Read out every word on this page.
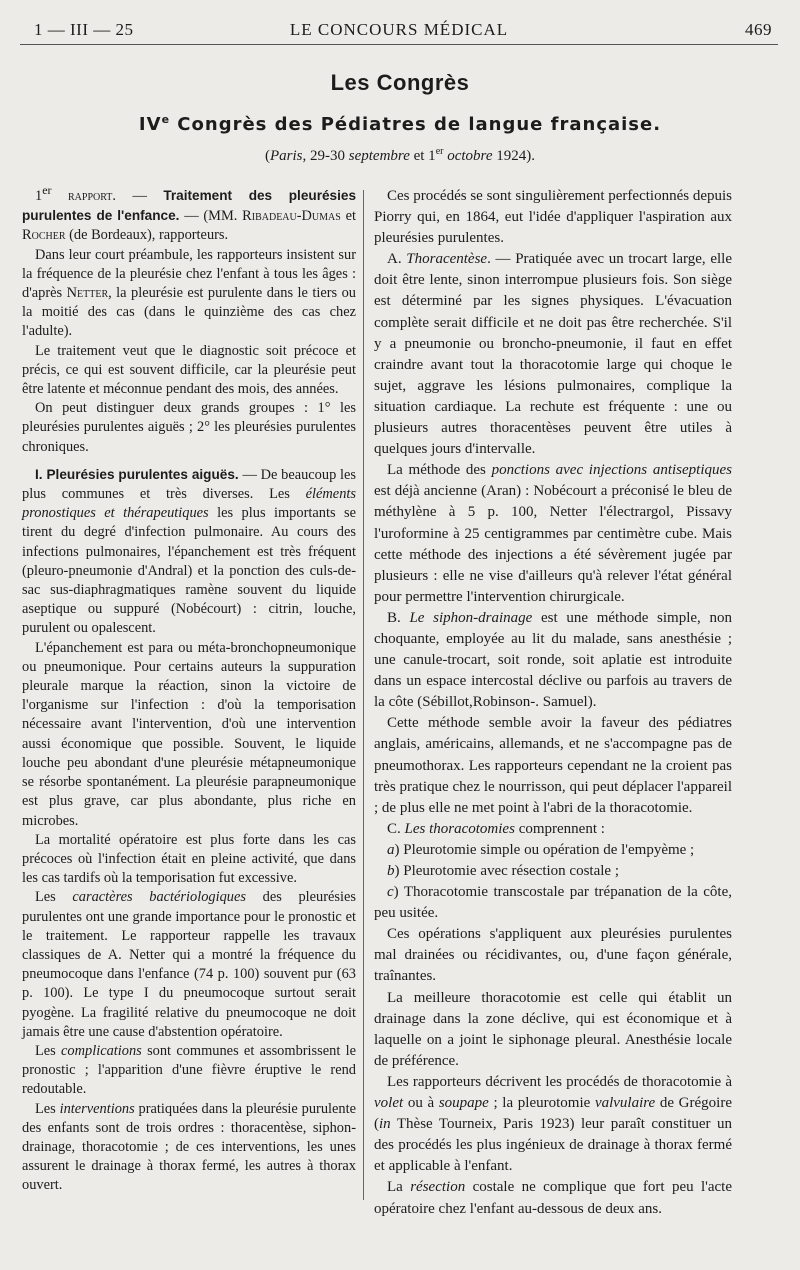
1 — III — 25	LE CONCOURS MÉDICAL	469
Les Congrès
IVe Congrès des Pédiatres de langue française.
(Paris, 29-30 septembre et 1er octobre 1924).

1er rapport. — Traitement des pleurésies purulentes de l'enfance. — (MM. Ribadeau-Dumas et Rocher (de Bordeaux), rapporteurs.

Dans leur court préambule, les rapporteurs insistent sur la fréquence de la pleurésie chez l'enfant à tous les âges : d'après Netter, la pleurésie est purulente dans le tiers ou la moitié des cas (dans le quinzième des cas chez l'adulte).

Le traitement veut que le diagnostic soit précoce et précis, ce qui est souvent difficile, car la pleurésie peut être latente et méconnue pendant des mois, des années.

On peut distinguer deux grands groupes : 1° les pleurésies purulentes aiguës ; 2° les pleurésies purulentes chroniques.

I. Pleurésies purulentes aiguës. — De beaucoup les plus communes et très diverses. Les éléments pronostiques et thérapeutiques les plus importants se tirent du degré d'infection pulmonaire. Au cours des infections pulmonaires, l'épanchement est très fréquent (pleuro-pneumonie d'Andral) et la ponction des culs-de-sac sus-diaphragmatiques ramène souvent du liquide aseptique ou suppuré (Nobécourt) : citrin, louche, purulent ou opalescent.

L'épanchement est para ou méta-bronchopneumonique ou pneumonique. Pour certains auteurs la suppuration pleurale marque la réaction, sinon la victoire de l'organisme sur l'infection : d'où la temporisation nécessaire avant l'intervention, d'où une intervention aussi économique que possible. Souvent, le liquide louche peu abondant d'une pleurésie métapneumonique se résorbe spontanément. La pleurésie parapneumonique est plus grave, car plus abondante, plus riche en microbes.

La mortalité opératoire est plus forte dans les cas précoces où l'infection était en pleine activité, que dans les cas tardifs où la temporisation fut excessive.

Les caractères bactériologiques des pleurésies purulentes ont une grande importance pour le pronostic et le traitement. Le rapporteur rappelle les travaux classiques de A. Netter qui a montré la fréquence du pneumocoque dans l'enfance (74 p. 100) souvent pur (63 p. 100). Le type I du pneumocoque surtout serait pyogène. La fragilité relative du pneumocoque ne doit jamais être une cause d'abstention opératoire.

Les complications sont communes et assombrissent le pronostic ; l'apparition d'une fièvre éruptive le rend redoutable.

Les interventions pratiquées dans la pleurésie purulente des enfants sont de trois ordres : thoracentèse, siphon-drainage, thoracotomie ; de ces interventions, les unes assurent le drainage à thorax fermé, les autres à thorax ouvert.

Ces procédés se sont singulièrement perfectionnés depuis Piorry qui, en 1864, eut l'idée d'appliquer l'aspiration aux pleurésies purulentes.

A. Thoracentèse. — Pratiquée avec un trocart large, elle doit être lente, sinon interrompue plusieurs fois. Son siège est déterminé par les signes physiques. L'évacuation complète serait difficile et ne doit pas être recherchée. S'il y a pneumonie ou broncho-pneumonie, il faut en effet craindre avant tout la thoracotomie large qui choque le sujet, aggrave les lésions pulmonaires, complique la situation cardiaque. La rechute est fréquente : une ou plusieurs autres thoracentèses peuvent être utiles à quelques jours d'intervalle.

La méthode des ponctions avec injections antiseptiques est déjà ancienne (Aran) : Nobécourt a préconisé le bleu de méthylène à 5 p. 100, Netter l'électrargol, Pissavy l'uroformine à 25 centigrammes par centimètre cube. Mais cette méthode des injections a été sévèrement jugée par plusieurs : elle ne vise d'ailleurs qu'à relever l'état général pour permettre l'intervention chirurgicale.

B. Le siphon-drainage est une méthode simple, non choquante, employée au lit du malade, sans anesthésie ; une canule-trocart, soit ronde, soit aplatie est introduite dans un espace intercostal déclive ou parfois au travers de la côte (Sébillot,Robinson-. Samuel).

Cette méthode semble avoir la faveur des pédiatres anglais, américains, allemands, et ne s'accompagne pas de pneumothorax. Les rapporteurs cependant ne la croient pas très pratique chez le nourrisson, qui peut déplacer l'appareil ; de plus elle ne met point à l'abri de la thoracotomie.

C. Les thoracotomies comprennent :

a) Pleurotomie simple ou opération de l'empyème ;

b) Pleurotomie avec résection costale ;

c) Thoracotomie transcostale par trépanation de la côte, peu usitée.

Ces opérations s'appliquent aux pleurésies purulentes mal drainées ou récidivantes, ou, d'une façon générale, traînantes.

La meilleure thoracotomie est celle qui établit un drainage dans la zone déclive, qui est économique et à laquelle on a joint le siphonage pleural. Anesthésie locale de préférence.

Les rapporteurs décrivent les procédés de thoracotomie à volet ou à soupape ; la pleurotomie valvulaire de Grégoire (in Thèse Tourneix, Paris 1923) leur paraît constituer un des procédés les plus ingénieux de drainage à thorax fermé et applicable à l'enfant.

La résection costale ne complique que fort peu l'acte opératoire chez l'enfant au-dessous de deux ans.
